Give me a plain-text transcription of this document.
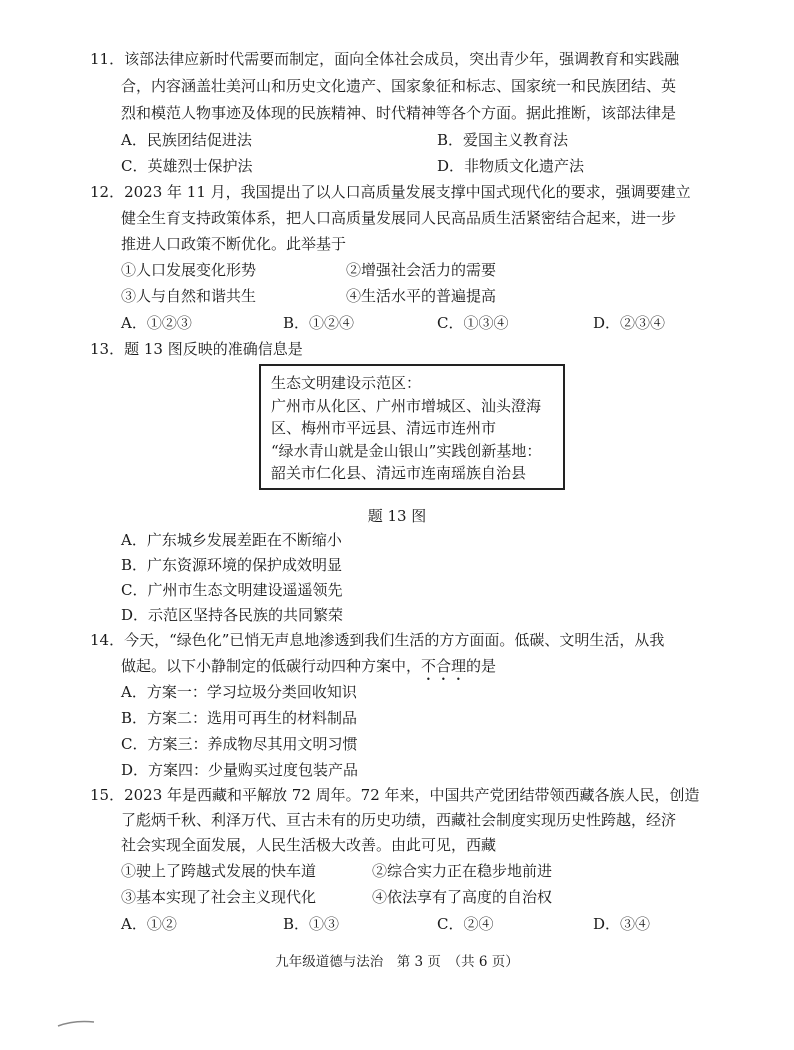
11．该部法律应新时代需要而制定，面向全体社会成员，突出青少年，强调教育和实践融
合，内容涵盖壮美河山和历史文化遗产、国家象征和标志、国家统一和民族团结、英
烈和模范人物事迹及体现的民族精神、时代精神等各个方面。据此推断，该部法律是
A．民族团结促进法	B．爱国主义教育法
C．英雄烈士保护法	D．非物质文化遗产法
12．2023 年 11 月，我国提出了以人口高质量发展支撑中国式现代化的要求，强调要建立
健全生育支持政策体系，把人口高质量发展同人民高品质生活紧密结合起来，进一步
推进人口政策不断优化。此举基于
①人口发展变化形势	②增强社会活力的需要
③人与自然和谐共生	④生活水平的普遍提高
A．①②③	B．①②④	C．①③④	D．②③④
13．题 13 图反映的准确信息是
生态文明建设示范区：
广州市从化区、广州市增城区、汕头澄海
区、梅州市平远县、清远市连州市
“绿水青山就是金山银山”实践创新基地：
韶关市仁化县、清远市连南瑶族自治县
题 13 图
A．广东城乡发展差距在不断缩小
B．广东资源环境的保护成效明显
C．广州市生态文明建设遥遥领先
D．示范区坚持各民族的共同繁荣
14．今天，“绿色化”已悄无声息地渗透到我们生活的方方面面。低碳、文明生活，从我
做起。以下小静制定的低碳行动四种方案中，不合理的是
A．方案一：学习垃圾分类回收知识
B．方案二：选用可再生的材料制品
C．方案三：养成物尽其用文明习惯
D．方案四：少量购买过度包装产品
15．2023 年是西藏和平解放 72 周年。72 年来，中国共产党团结带领西藏各族人民，创造
了彪炳千秋、利泽万代、亘古未有的历史功绩，西藏社会制度实现历史性跨越，经济
社会实现全面发展，人民生活极大改善。由此可见，西藏
①驶上了跨越式发展的快车道	②综合实力正在稳步地前进
③基本实现了社会主义现代化	④依法享有了高度的自治权
A．①②	B．①③	C．②④	D．③④
九年级道德与法治　第 3 页　（共 6 页）
